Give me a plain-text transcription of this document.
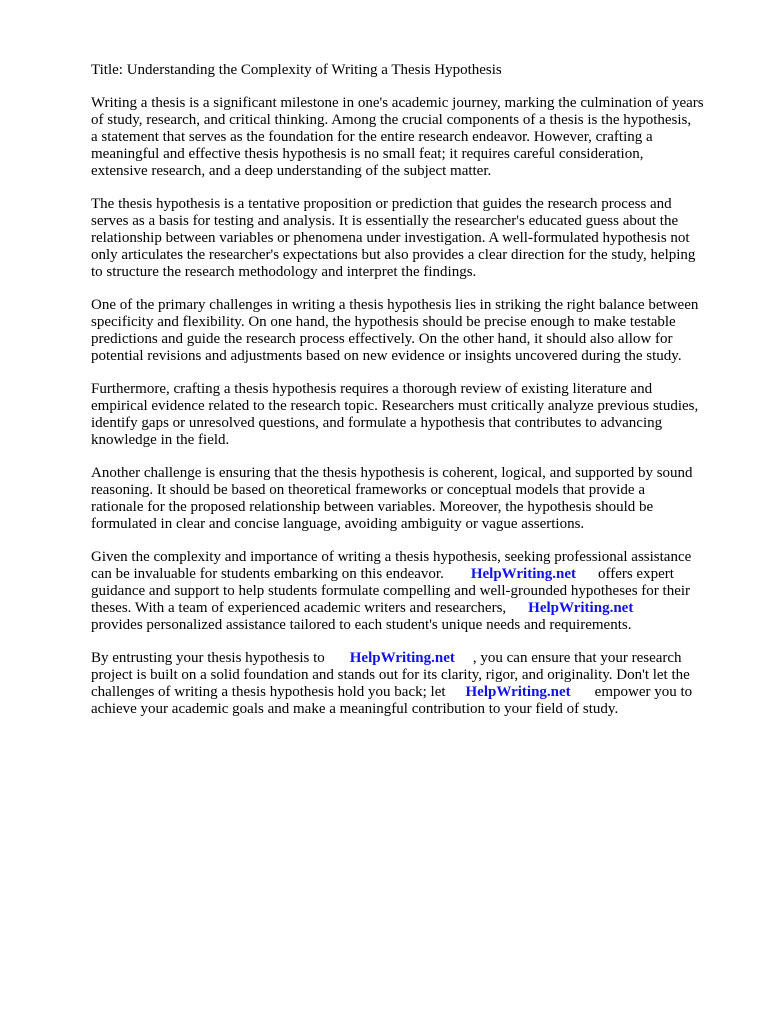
Title: Understanding the Complexity of Writing a Thesis Hypothesis
Writing a thesis is a significant milestone in one's academic journey, marking the culmination of years
of study, research, and critical thinking. Among the crucial components of a thesis is the hypothesis,
a statement that serves as the foundation for the entire research endeavor. However, crafting a
meaningful and effective thesis hypothesis is no small feat; it requires careful consideration,
extensive research, and a deep understanding of the subject matter.
The thesis hypothesis is a tentative proposition or prediction that guides the research process and
serves as a basis for testing and analysis. It is essentially the researcher's educated guess about the
relationship between variables or phenomena under investigation. A well-formulated hypothesis not
only articulates the researcher's expectations but also provides a clear direction for the study, helping
to structure the research methodology and interpret the findings.
One of the primary challenges in writing a thesis hypothesis lies in striking the right balance between
specificity and flexibility. On one hand, the hypothesis should be precise enough to make testable
predictions and guide the research process effectively. On the other hand, it should also allow for
potential revisions and adjustments based on new evidence or insights uncovered during the study.
Furthermore, crafting a thesis hypothesis requires a thorough review of existing literature and
empirical evidence related to the research topic. Researchers must critically analyze previous studies,
identify gaps or unresolved questions, and formulate a hypothesis that contributes to advancing
knowledge in the field.
Another challenge is ensuring that the thesis hypothesis is coherent, logical, and supported by sound
reasoning. It should be based on theoretical frameworks or conceptual models that provide a
rationale for the proposed relationship between variables. Moreover, the hypothesis should be
formulated in clear and concise language, avoiding ambiguity or vague assertions.
Given the complexity and importance of writing a thesis hypothesis, seeking professional assistance
can be invaluable for students embarking on this endeavor. HelpWriting.net offers expert
guidance and support to help students formulate compelling and well-grounded hypotheses for their
theses. With a team of experienced academic writers and researchers, HelpWriting.net
provides personalized assistance tailored to each student's unique needs and requirements.
By entrusting your thesis hypothesis to HelpWriting.net , you can ensure that your research
project is built on a solid foundation and stands out for its clarity, rigor, and originality. Don't let the
challenges of writing a thesis hypothesis hold you back; let HelpWriting.net empower you to
achieve your academic goals and make a meaningful contribution to your field of study.
